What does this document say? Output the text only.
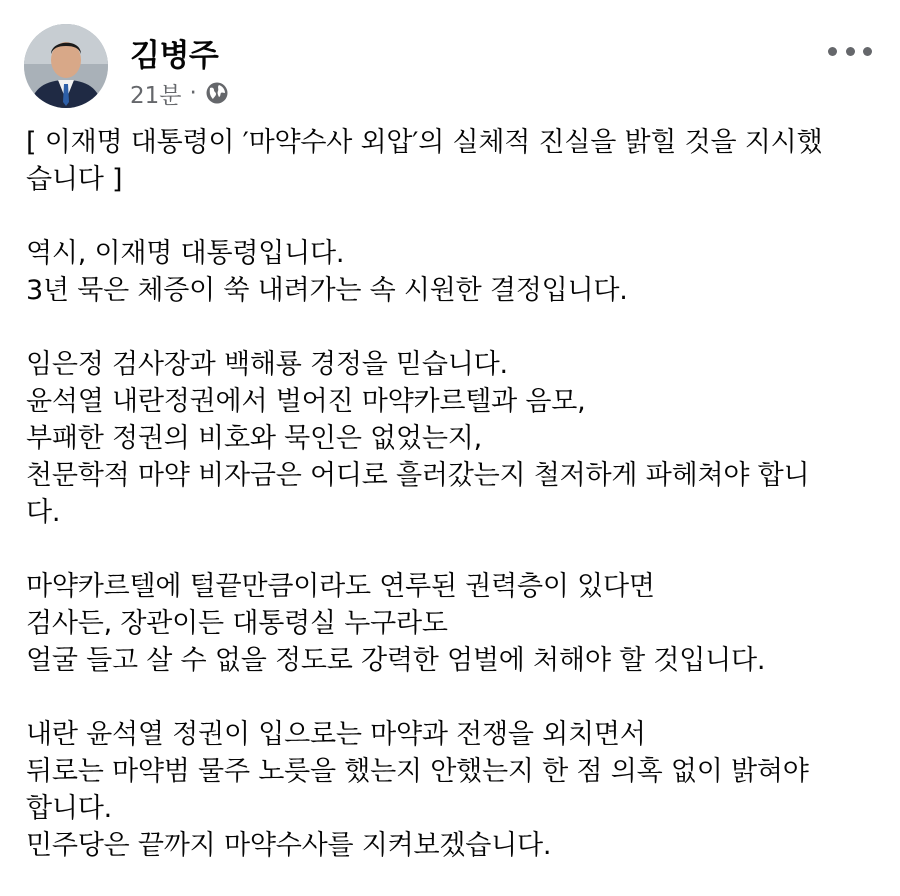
김병주
21분 ·

[ 이재명 대통령이 ′마약수사 외압′의 실체적 진실을 밝힐 것을 지시했
습니다 ]

역시, 이재명 대통령입니다.
3년 묵은 체증이 쑥 내려가는 속 시원한 결정입니다.

임은정 검사장과 백해룡 경정을 믿습니다.
윤석열 내란정권에서 벌어진 마약카르텔과 음모,
부패한 정권의 비호와 묵인은 없었는지,
천문학적 마약 비자금은 어디로 흘러갔는지 철저하게 파헤쳐야 합니
다.

마약카르텔에 털끝만큼이라도 연루된 권력층이 있다면
검사든, 장관이든 대통령실 누구라도
얼굴 들고 살 수 없을 정도로 강력한 엄벌에 처해야 할 것입니다.

내란 윤석열 정권이 입으로는 마약과 전쟁을 외치면서
뒤로는 마약범 물주 노릇을 했는지 안했는지 한 점 의혹 없이 밝혀야
합니다.
민주당은 끝까지 마약수사를 지켜보겠습니다.
